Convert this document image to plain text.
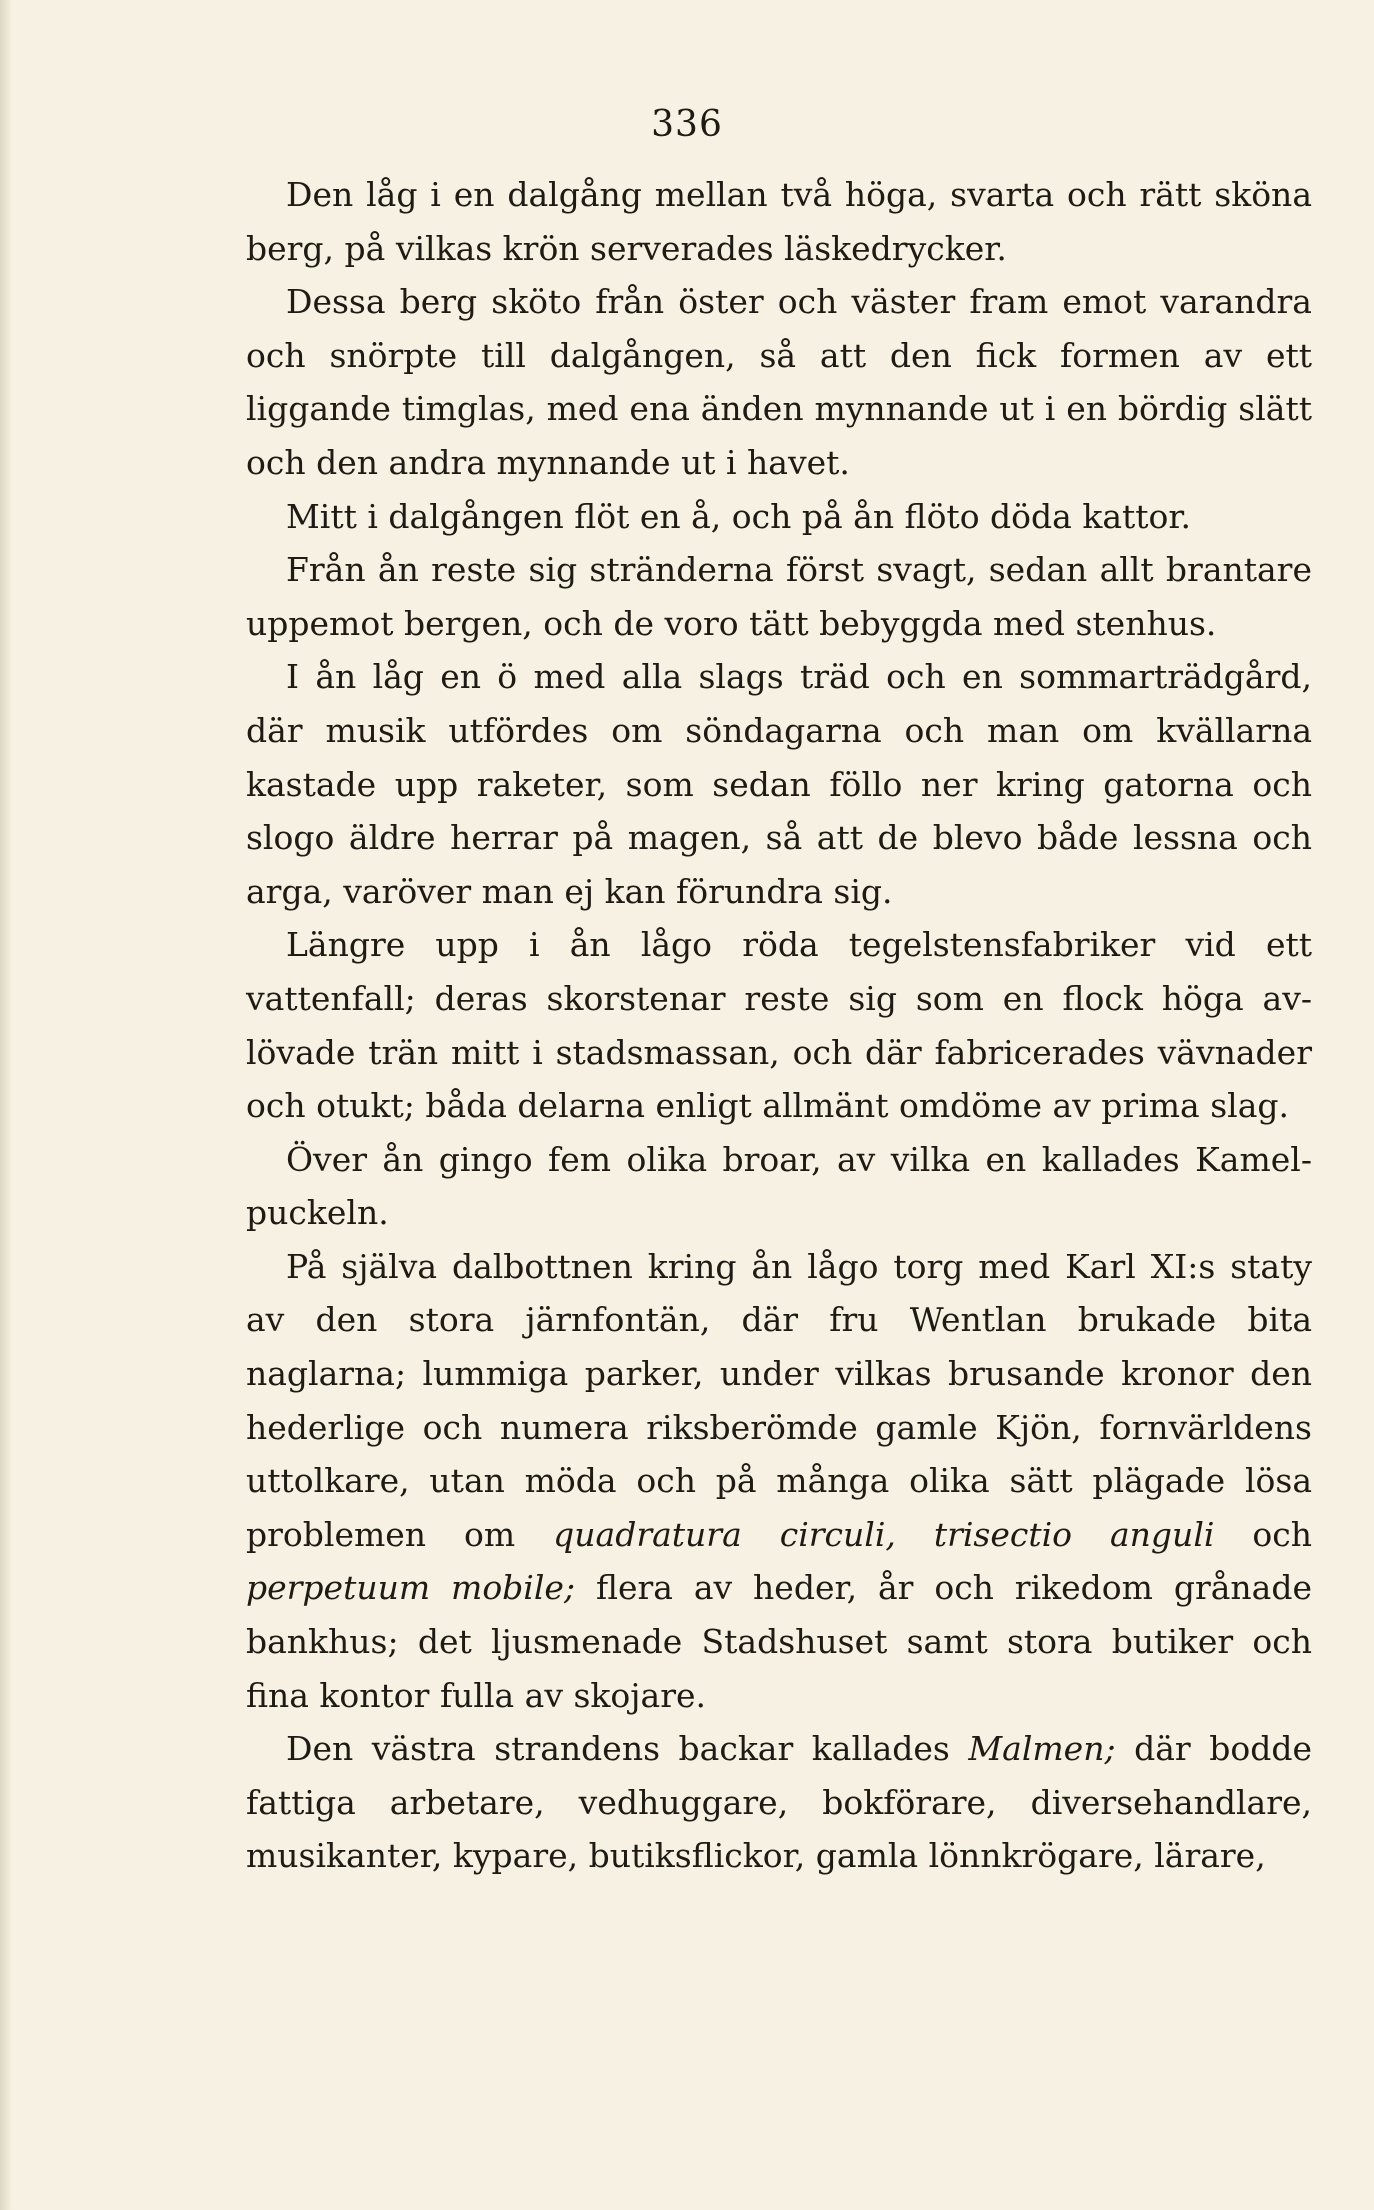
336

Den låg i en dalgång mellan två höga, svarta och rätt sköna berg, på vilkas krön serverades läskedrycker.

Dessa berg sköto från öster och väster fram emot varandra och snörpte till dalgången, så att den fick formen av ett liggande timglas, med ena änden mynnande ut i en bördig slätt och den andra mynnande ut i havet.

Mitt i dalgången flöt en å, och på ån flöto döda kattor.

Från ån reste sig stränderna först svagt, sedan allt brantare uppemot bergen, och de voro tätt bebyggda med stenhus.

I ån låg en ö med alla slags träd och en sommarträdgård, där musik utfördes om söndagarna och man om kvällarna kastade upp raketer, som sedan föllo ner kring gatorna och slogo äldre herrar på magen, så att de blevo både lessna och arga, varöver man ej kan förundra sig.

Längre upp i ån lågo röda tegelstensfabriker vid ett vattenfall; deras skorstenar reste sig som en flock höga avlövade trän mitt i stadsmassan, och där fabricerades vävnader och otukt; båda delarna enligt allmänt omdöme av prima slag.

Över ån gingo fem olika broar, av vilka en kallades Kamelpuckeln.

På själva dalbottnen kring ån lågo torg med Karl XI:s staty av den stora järnfontän, där fru Wentlan brukade bita naglarna; lummiga parker, under vilkas brusande kronor den hederlige och numera riksberömde gamle Kjön, fornvärldens uttolkare, utan möda och på många olika sätt plägade lösa problemen om quadratura circuli, trisectio anguli och perpetuum mobile; flera av heder, år och rikedom grånade bankhus; det ljusmenade Stadshuset samt stora butiker och fina kontor fulla av skojare.

Den västra strandens backar kallades Malmen; där bodde fattiga arbetare, vedhuggare, bokförare, diversehandlare, musikanter, kypare, butiksflickor, gamla lönnkrögare, lärare,
